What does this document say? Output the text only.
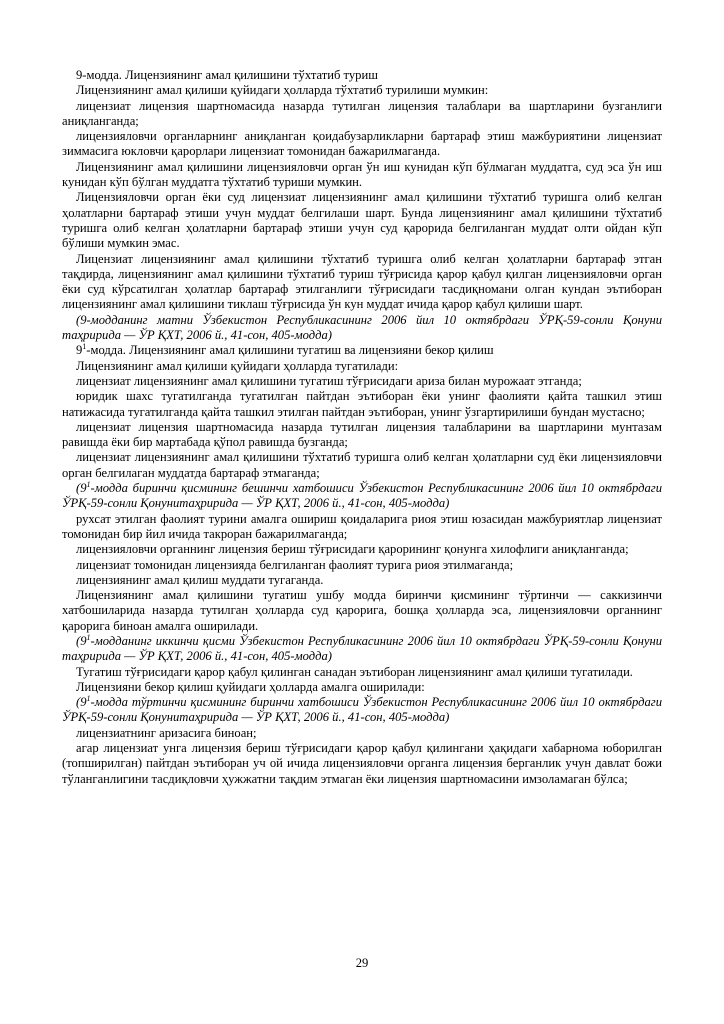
9-модда. Лицензиянинг амал қилишини тўхтатиб туриш

Лицензиянинг амал қилиши қуйидаги ҳолларда тўхтатиб турилиши мумкин:

лицензиат лицензия шартномасида назарда тутилган лицензия талаблари ва шартларини бузганлиги аниқланганда;

лицензияловчи органларнинг аниқланган қоидабузарликларни бартараф этиш мажбуриятини лицензиат зиммасига юкловчи қарорлари лицензиат томонидан бажарилмаганда.

Лицензиянинг амал қилишини лицензияловчи орган ўн иш кунидан кўп бўлмаган муддатга, суд эса ўн иш кунидан кўп бўлган муддатга тўхтатиб туриши мумкин.

Лицензияловчи орган ёки суд лицензиат лицензиянинг амал қилишини тўхтатиб туришга олиб келган ҳолатларни бартараф этиши учун муддат белгилаши шарт. Бунда лицензиянинг амал қилишини тўхтатиб туришга олиб келган ҳолатларни бартараф этиши учун суд қарорида белгиланган муддат олти ойдан кўп бўлиши мумкин эмас.

Лицензиат лицензиянинг амал қилишини тўхтатиб туришга олиб келган ҳолатларни бартараф этган тақдирда, лицензиянинг амал қилишини тўхтатиб туриш тўғрисида қарор қабул қилган лицензияловчи орган ёки суд кўрсатилган ҳолатлар бартараф этилганлиги тўғрисидаги тасдиқномани олган кундан эътиборан лицензиянинг амал қилишини тиклаш тўғрисида ўн кун муддат ичида қарор қабул қилиши шарт.

(9-модданинг матни Ўзбекистон Республикасининг 2006 йил 10 октябрдаги ЎРҚ-59-сонли Қонуни таҳририда — ЎР ҚХТ, 2006 й., 41-сон, 405-модда)

$9^1$-модда. Лицензиянинг амал қилишини тугатиш ва лицензияни бекор қилиш

Лицензиянинг амал қилиши қуйидаги ҳолларда тугатилади:

лицензиат лицензиянинг амал қилишини тугатиш тўғрисидаги ариза билан мурожаат этганда;

юридик шахс тугатилганда тугатилган пайтдан эътиборан ёки унинг фаолияти қайта ташкил этиш натижасида тугатилганда қайта ташкил этилган пайтдан эътиборан, унинг ўзгартирилиши бундан мустасно;

лицензиат лицензия шартномасида назарда тутилган лицензия талабларини ва шартларини мунтазам равишда ёки бир мартабада қўпол равишда бузганда;

лицензиат лицензиянинг амал қилишини тўхтатиб туришга олиб келган ҳолатларни суд ёки лицензияловчи орган белгилаган муддатда бартараф этмаганда;

($9^1$-модда биринчи қисмининг бешинчи хатбошиси Ўзбекистон Республикасининг 2006 йил 10 октябрдаги ЎРҚ-59-сонли Қонунитаҳририда — ЎР ҚХТ, 2006 й., 41-сон, 405-модда)

рухсат этилган фаолият турини амалга ошириш қоидаларига риоя этиш юзасидан мажбуриятлар лицензиат томонидан бир йил ичида такроран бажарилмаганда;

лицензияловчи органнинг лицензия бериш тўғрисидаги қарорининг қонунга хилофлиги аниқланганда;

лицензиат томонидан лицензияда белгиланган фаолият турига риоя этилмаганда;

лицензиянинг амал қилиш муддати тугаганда.

Лицензиянинг амал қилишини тугатиш ушбу модда биринчи қисмининг тўртинчи — саккизинчи хатбошиларида назарда тутилган ҳолларда суд қарорига, бошқа ҳолларда эса, лицензияловчи органнинг қарорига биноан амалга оширилади.

($9^1$-модданинг иккинчи қисми Ўзбекистон Республикасининг 2006 йил 10 октябрдаги ЎРҚ-59-сонли Қонуни таҳририда — ЎР ҚХТ, 2006 й., 41-сон, 405-модда)

Тугатиш тўғрисидаги қарор қабул қилинган санадан эътиборан лицензиянинг амал қилиши тугатилади.

Лицензияни бекор қилиш қуйидаги ҳолларда амалга оширилади:

($9^1$-модда тўртинчи қисмининг биринчи хатбошиси Ўзбекистон Республикасининг 2006 йил 10 октябрдаги ЎРҚ-59-сонли Қонунитаҳририда — ЎР ҚХТ, 2006 й., 41-сон, 405-модда)

лицензиатнинг аризасига биноан;

агар лицензиат унга лицензия бериш тўғрисидаги қарор қабул қилингани ҳақидаги хабарнома юборилган (топширилган) пайтдан эътиборан уч ой ичида лицензияловчи органга лицензия берганлик учун давлат божи тўланганлигини тасдиқловчи ҳужжатни тақдим этмаган ёки лицензия шартномасини имзоламаган бўлса;

29
